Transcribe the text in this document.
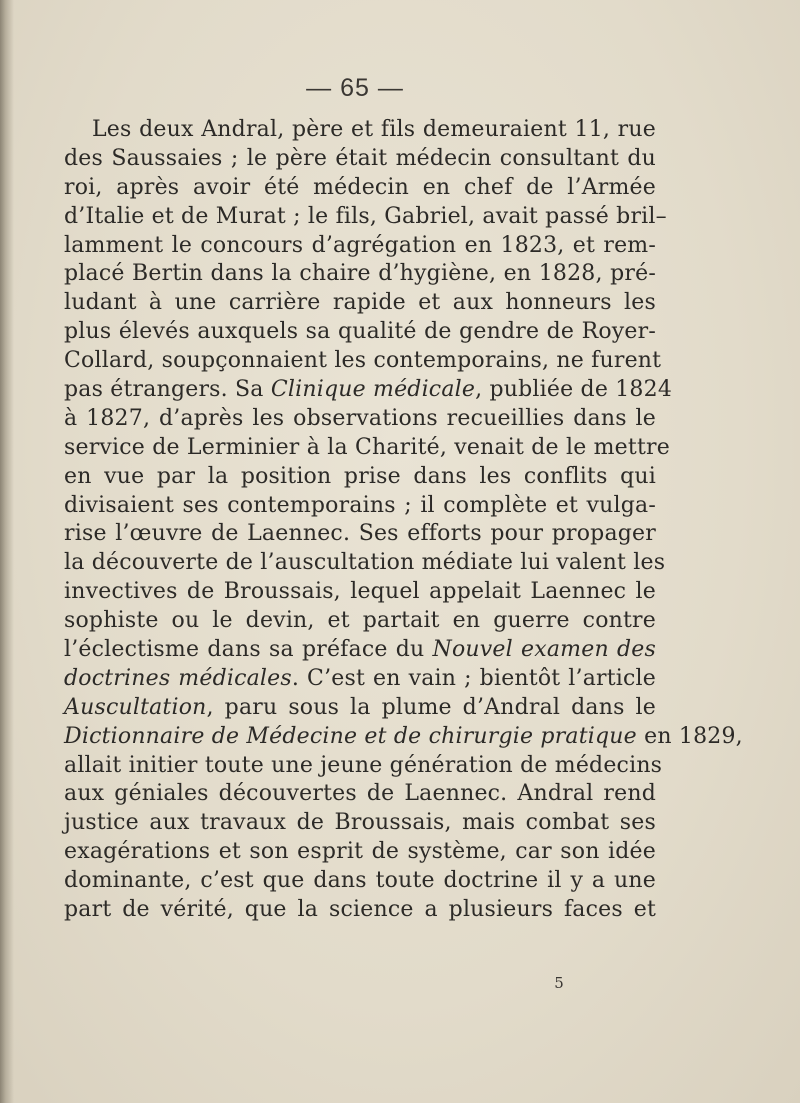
— 65 —
Les deux Andral, père et fils demeuraient 11, rue
des Saussaies ; le père était médecin consultant du
roi, après avoir été médecin en chef de l’Armée
d’Italie et de Murat ; le fils, Gabriel, avait passé bril–
lamment le concours d’agrégation en 1823, et rem-
placé Bertin dans la chaire d’hygiène, en 1828, pré-
ludant à une carrière rapide et aux honneurs les
plus élevés auxquels sa qualité de gendre de Royer-
Collard, soupçonnaient les contemporains, ne furent
pas étrangers. Sa Clinique médicale, publiée de 1824
à 1827, d’après les observations recueillies dans le
service de Lerminier à la Charité, venait de le mettre
en vue par la position prise dans les conflits qui
divisaient ses contemporains ; il complète et vulga-
rise l’œuvre de Laennec. Ses efforts pour propager
la découverte de l’auscultation médiate lui valent les
invectives de Broussais, lequel appelait Laennec le
sophiste ou le devin, et partait en guerre contre
l’éclectisme dans sa préface du Nouvel examen des
doctrines médicales. C’est en vain ; bientôt l’article
Auscultation, paru sous la plume d’Andral dans le
Dictionnaire de Médecine et de chirurgie pratique en 1829,
allait initier toute une jeune génération de médecins
aux géniales découvertes de Laennec. Andral rend
justice aux travaux de Broussais, mais combat ses
exagérations et son esprit de système, car son idée
dominante, c’est que dans toute doctrine il y a une
part de vérité, que la science a plusieurs faces et
5
